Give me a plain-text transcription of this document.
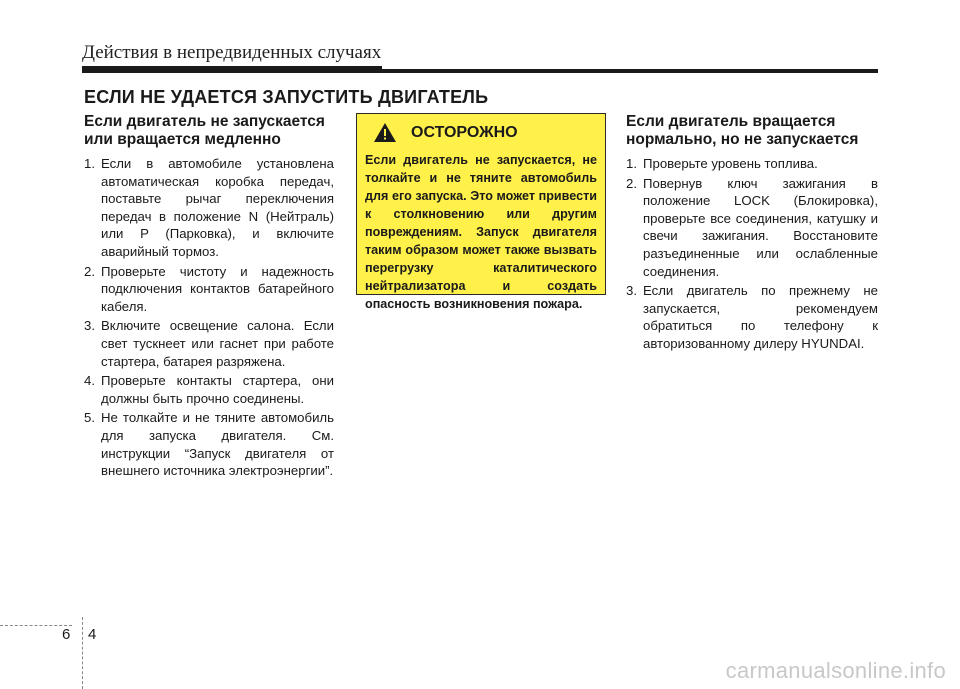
Действия в непредвиденных случаях
ЕСЛИ НЕ УДАЕТСЯ ЗАПУСТИТЬ ДВИГАТЕЛЬ
Если двигатель не запускается или вращается медленно
1. Если в автомобиле установлена автоматическая коробка передач, поставьте рычаг переключения передач в положение N (Нейтраль) или P (Парковка), и включите аварийный тормоз.
2. Проверьте чистоту и надежность подключения контактов батарейного кабеля.
3. Включите освещение салона. Если свет тускнеет или гаснет при работе стартера, батарея разряжена.
4. Проверьте контакты стартера, они должны быть прочно соединены.
5. Не толкайте и не тяните автомобиль для запуска двигателя. См. инструкции “Запуск двигателя от внешнего источника электроэнергии”.
ОСТОРОЖНО
Если двигатель не запускается, не толкайте и не тяните автомобиль для его запуска. Это может привести к столкновению или другим повреждениям. Запуск двигателя таким образом может также вызвать перегрузку каталитического нейтрализатора и создать опасность возникновения пожара.
Если двигатель вращается нормально, но не запускается
1. Проверьте уровень топлива.
2. Повернув ключ зажигания в положение LOCK (Блокировка), проверьте все соединения, катушку и свечи зажигания. Восстановите разъединенные или ослабленные соединения.
3. Если двигатель по прежнему не запускается, рекомендуем обратиться по телефону к авторизованному дилеру HYUNDAI.
6 4
carmanualsonline.info
